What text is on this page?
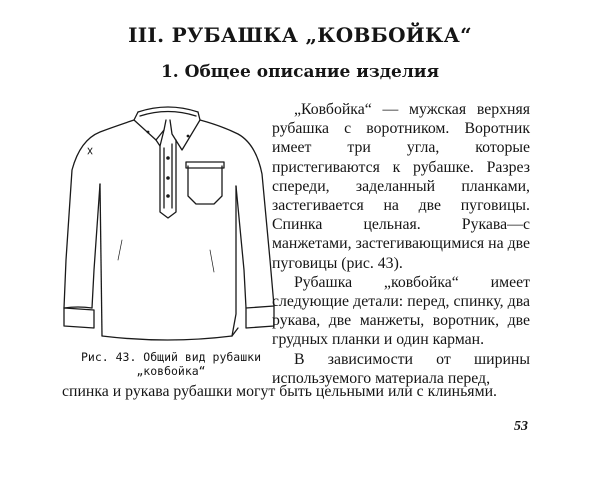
III. РУБАШКА „КОВБОЙКА“
1. Общее описание изделия
Рис. 43. Общий вид рубашки
„ковбойка“

„Ковбойка“ — мужская верхняя рубашка с воротником. Воротник имеет три угла, которые пристегиваются к рубашке. Разрез спереди, заделанный планками, застегивается на две пуговицы. Спинка цельная. Рукава—с манжетами, застегивающимися на две пуговицы (рис. 43).

Рубашка „ковбойка“ имеет следующие детали: перед, спинку, два рукава, две манжеты, воротник, две грудных планки и один карман.

В зависимости от ширины используемого материала перед,

спинка и рукава рубашки могут быть цельными или с клиньями.
53
